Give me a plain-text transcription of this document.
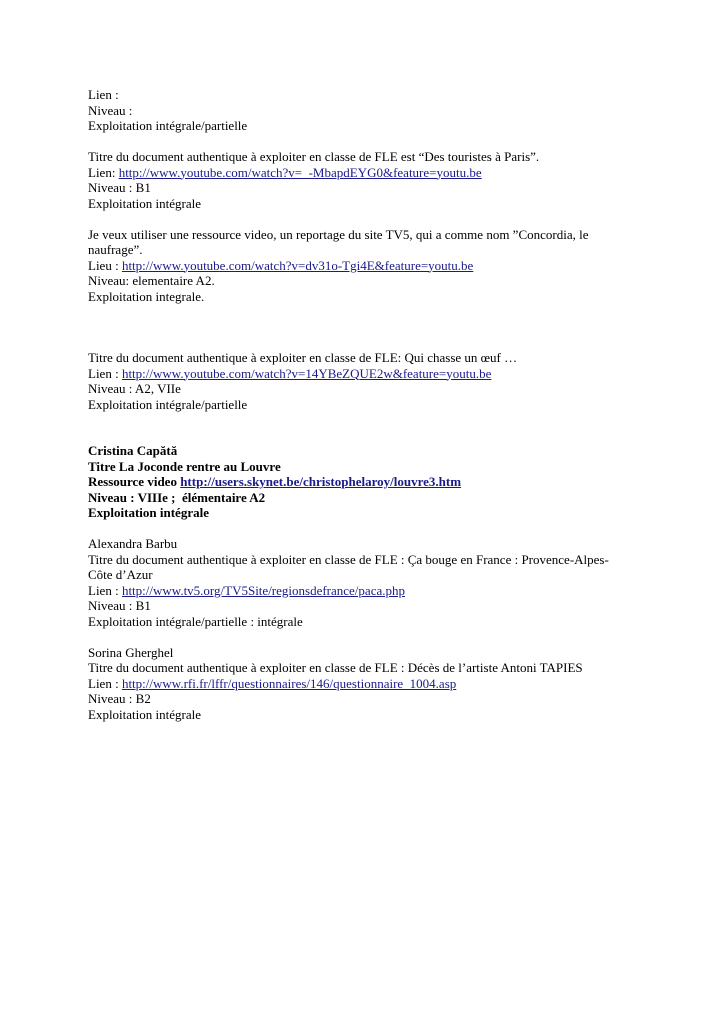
Lien :
Niveau :
Exploitation intégrale/partielle
Titre du document authentique à exploiter en classe de FLE est “Des touristes à Paris”.
Lien: http://www.youtube.com/watch?v=_-MbapdEYG0&feature=youtu.be
Niveau : B1
Exploitation intégrale
Je veux utiliser une ressource video, un reportage du site TV5, qui a comme nom ”Concordia, le
naufrage”.
Lieu : http://www.youtube.com/watch?v=dv31o-Tgi4E&feature=youtu.be
Niveau: elementaire A2.
Exploitation integrale.
Titre du document authentique à exploiter en classe de FLE: Qui chasse un œuf …
Lien : http://www.youtube.com/watch?v=14YBeZQUE2w&feature=youtu.be
Niveau : A2, VIIe
Exploitation intégrale/partielle
Cristina Capătă
Titre La Joconde rentre au Louvre
Ressource video http://users.skynet.be/christophelaroy/louvre3.htm
Niveau : VIIIe ;  élémentaire A2
Exploitation intégrale
Alexandra Barbu
Titre du document authentique à exploiter en classe de FLE : Ça bouge en France : Provence-Alpes-
Côte d’Azur
Lien : http://www.tv5.org/TV5Site/regionsdefrance/paca.php
Niveau : B1
Exploitation intégrale/partielle : intégrale
Sorina Gherghel
Titre du document authentique à exploiter en classe de FLE : Décès de l’artiste Antoni TAPIES
Lien : http://www.rfi.fr/lffr/questionnaires/146/questionnaire_1004.asp
Niveau : B2
Exploitation intégrale
